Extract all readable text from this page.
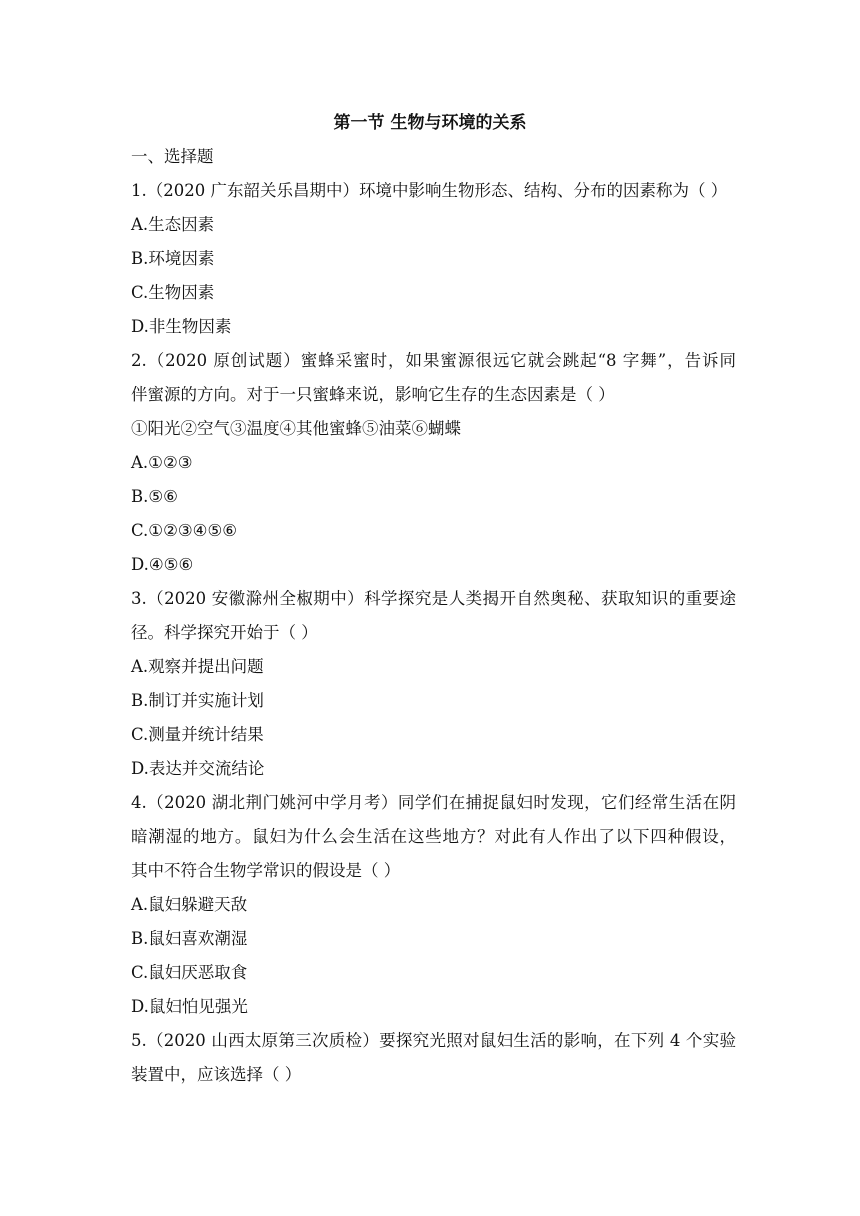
第一节 生物与环境的关系
一、选择题
1.（2020 广东韶关乐昌期中）环境中影响生物形态、结构、分布的因素称为（ ）
A.生态因素
B.环境因素
C.生物因素
D.非生物因素
2.（2020 原创试题）蜜蜂采蜜时，如果蜜源很远它就会跳起“8 字舞”，告诉同
伴蜜源的方向。对于一只蜜蜂来说，影响它生存的生态因素是（ ）
①阳光②空气③温度④其他蜜蜂⑤油菜⑥蝴蝶
A.①②③
B.⑤⑥
C.①②③④⑤⑥
D.④⑤⑥
3.（2020 安徽滁州全椒期中）科学探究是人类揭开自然奥秘、获取知识的重要途
径。科学探究开始于（ ）
A.观察并提出问题
B.制订并实施计划
C.测量并统计结果
D.表达并交流结论
4.（2020 湖北荆门姚河中学月考）同学们在捕捉鼠妇时发现，它们经常生活在阴
暗潮湿的地方。鼠妇为什么会生活在这些地方？对此有人作出了以下四种假设，
其中不符合生物学常识的假设是（ ）
A.鼠妇躲避天敌
B.鼠妇喜欢潮湿
C.鼠妇厌恶取食
D.鼠妇怕见强光
5.（2020 山西太原第三次质检）要探究光照对鼠妇生活的影响，在下列 4 个实验
装置中，应该选择（ ）
